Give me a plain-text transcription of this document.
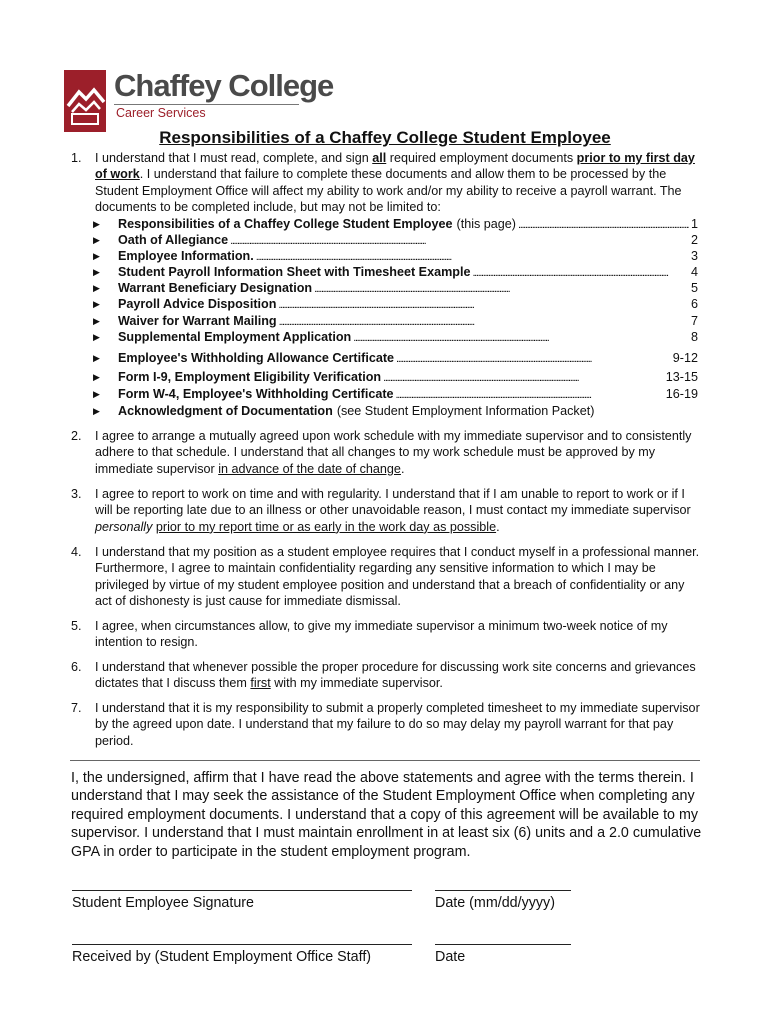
Chaffey College
Career Services
Responsibilities of a Chaffey College Student Employee
1. I understand that I must read, complete, and sign all required employment documents prior to my first day of work. I understand that failure to complete these documents and allow them to be processed by the Student Employment Office will affect my ability to work and/or my ability to receive a payroll warrant. The documents to be completed include, but may not be limited to:
▶	Responsibilities of a Chaffey College Student Employee (this page) . . .	1
▶	Oath of Allegiance . . .	2
▶	Employee Information. . . .	3
▶	Student Payroll Information Sheet with Timesheet Example . . .	4
▶	Warrant Beneficiary Designation . . .	5
▶	Payroll Advice Disposition . . .	6
▶	Waiver for Warrant Mailing . . .	7
▶	Supplemental Employment Application . . .	8
▶	Employee's Withholding Allowance Certificate . . .	9-12
▶	Form I-9, Employment Eligibility Verification . . .	13-15
▶	Form W-4, Employee's Withholding Certificate . . .	16-19
▶	Acknowledgment of Documentation (see Student Employment Information Packet)
2. I agree to arrange a mutually agreed upon work schedule with my immediate supervisor and to consistently adhere to that schedule. I understand that all changes to my work schedule must be approved by my immediate supervisor in advance of the date of change.
3. I agree to report to work on time and with regularity. I understand that if I am unable to report to work or if I will be reporting late due to an illness or other unavoidable reason, I must contact my immediate supervisor personally prior to my report time or as early in the work day as possible.
4. I understand that my position as a student employee requires that I conduct myself in a professional manner. Furthermore, I agree to maintain confidentiality regarding any sensitive information to which I may be privileged by virtue of my student employee position and understand that a breach of confidentiality or any act of dishonesty is just cause for immediate dismissal.
5. I agree, when circumstances allow, to give my immediate supervisor a minimum two-week notice of my intention to resign.
6. I understand that whenever possible the proper procedure for discussing work site concerns and grievances dictates that I discuss them first with my immediate supervisor.
7. I understand that it is my responsibility to submit a properly completed timesheet to my immediate supervisor by the agreed upon date. I understand that my failure to do so may delay my payroll warrant for that pay period.
I, the undersigned, affirm that I have read the above statements and agree with the terms therein. I understand that I may seek the assistance of the Student Employment Office when completing any required employment documents. I understand that a copy of this agreement will be available to my supervisor. I understand that I must maintain enrollment in at least six (6) units and a 2.0 cumulative GPA in order to participate in the student employment program.
Student Employee Signature	Date (mm/dd/yyyy)
Received by (Student Employment Office Staff)	Date
